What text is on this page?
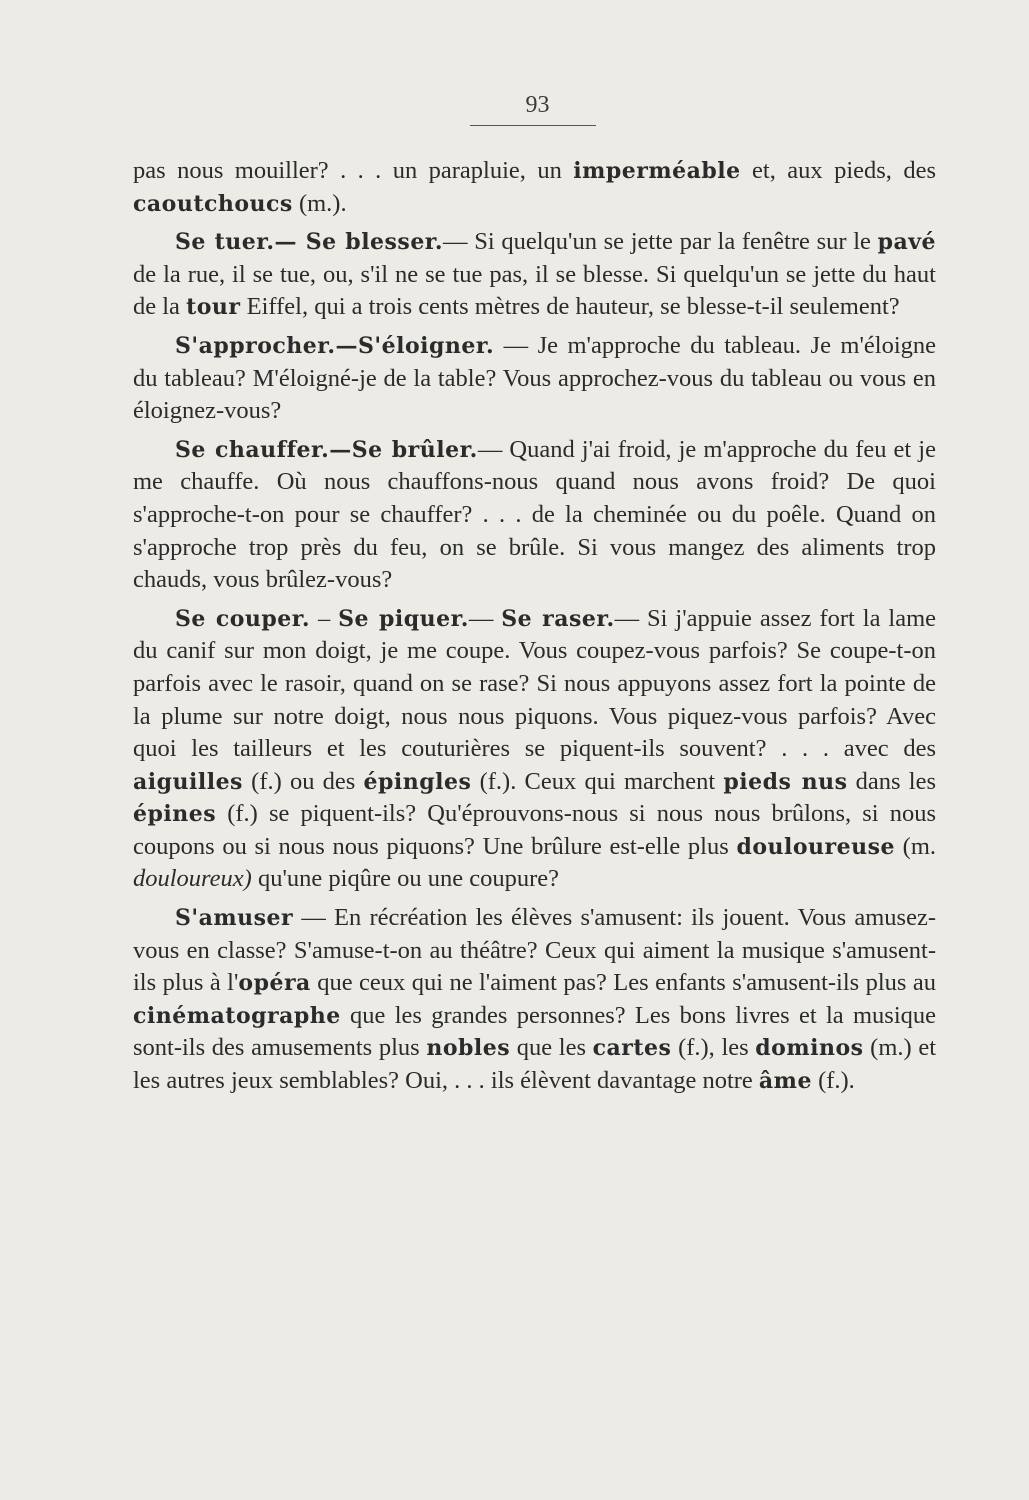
93

pas nous mouiller? . . . un parapluie, un imperméable et, aux pieds, des caoutchoucs (m.).

Se tuer.— Se blesser.— Si quelqu'un se jette par la fenêtre sur le pavé de la rue, il se tue, ou, s'il ne se tue pas, il se blesse. Si quelqu'un se jette du haut de la tour Eiffel, qui a trois cents mètres de hauteur, se blesse-t-il seulement?

S'approcher.—S'éloigner. — Je m'approche du tableau. Je m'éloigne du tableau? M'éloigné-je de la table? Vous approchez-vous du tableau ou vous en éloignez-vous?

Se chauffer.—Se brûler.— Quand j'ai froid, je m'approche du feu et je me chauffe. Où nous chauffons-nous quand nous avons froid? De quoi s'approche-t-on pour se chauffer? . . . de la cheminée ou du poêle. Quand on s'approche trop près du feu, on se brûle. Si vous mangez des aliments trop chauds, vous brûlez-vous?

Se couper. – Se piquer.— Se raser.— Si j'appuie assez fort la lame du canif sur mon doigt, je me coupe. Vous coupez-vous parfois? Se coupe-t-on parfois avec le rasoir, quand on se rase? Si nous appuyons assez fort la pointe de la plume sur notre doigt, nous nous piquons. Vous piquez-vous parfois? Avec quoi les tailleurs et les couturières se piquent-ils souvent? . . . avec des aiguilles (f.) ou des épingles (f.). Ceux qui marchent pieds nus dans les épines (f.) se piquent-ils? Qu'éprouvons-nous si nous nous brûlons, si nous coupons ou si nous nous piquons? Une brûlure est-elle plus douloureuse (m. douloureux) qu'une piqûre ou une coupure?

S'amuser — En récréation les élèves s'amusent: ils jouent. Vous amusez-vous en classe? S'amuse-t-on au théâtre? Ceux qui aiment la musique s'amusent-ils plus à l'opéra que ceux qui ne l'aiment pas? Les enfants s'amusent-ils plus au cinématographe que les grandes personnes? Les bons livres et la musique sont-ils des amusements plus nobles que les cartes (f.), les dominos (m.) et les autres jeux semblables? Oui, . . . ils élèvent davantage notre âme (f.).
